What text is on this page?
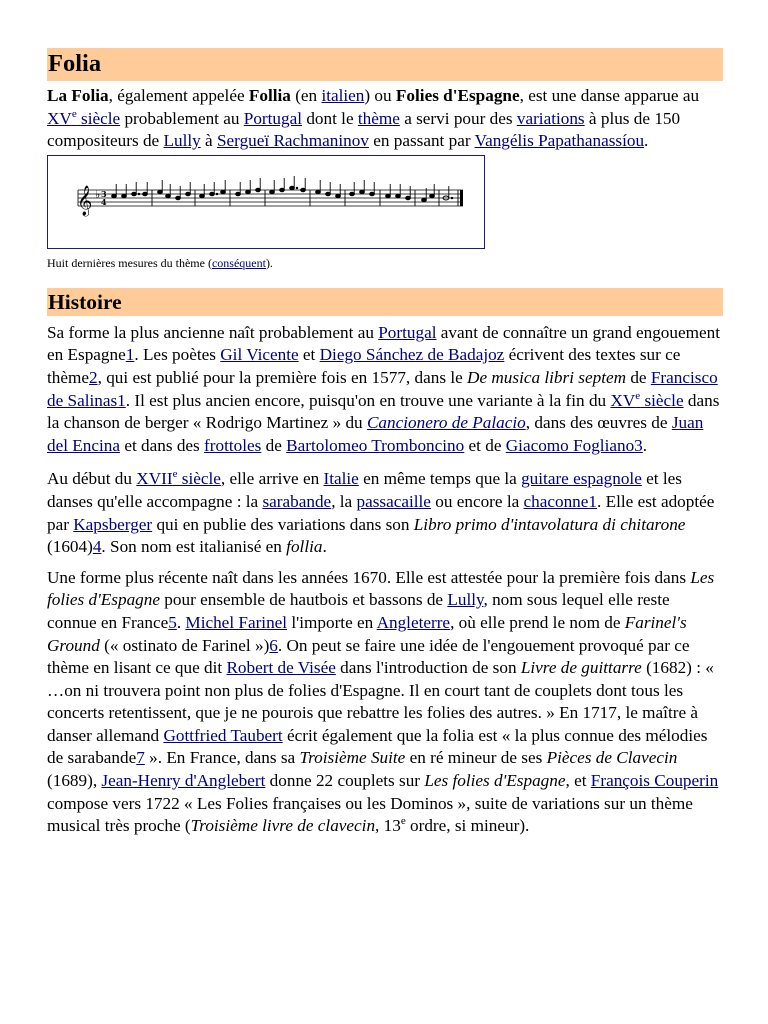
Folia

La Folia, également appelée Follia (en italien) ou Folies d'Espagne, est une danse apparue au XVe siècle probablement au Portugal dont le thème a servi pour des variations à plus de 150 compositeurs de Lully à Sergueï Rachmaninov en passant par Vangélis Papathanassíou.

𝄞 ♭ 3
4

Huit dernières mesures du thème (conséquent).

Histoire

Sa forme la plus ancienne naît probablement au Portugal avant de connaître un grand engouement en Espagne1. Les poètes Gil Vicente et Diego Sánchez de Badajoz écrivent des textes sur ce thème2, qui est publié pour la première fois en 1577, dans le De musica libri septem de Francisco de Salinas1. Il est plus ancien encore, puisqu'on en trouve une variante à la fin du XVe siècle dans la chanson de berger « Rodrigo Martinez » du Cancionero de Palacio, dans des œuvres de Juan del Encina et dans des frottoles de Bartolomeo Tromboncino et de Giacomo Fogliano3.

Au début du XVIIe siècle, elle arrive en Italie en même temps que la guitare espagnole et les danses qu'elle accompagne : la sarabande, la passacaille ou encore la chaconne1. Elle est adoptée par Kapsberger qui en publie des variations dans son Libro primo d'intavolatura di chitarone (1604)4. Son nom est italianisé en follia.

Une forme plus récente naît dans les années 1670. Elle est attestée pour la première fois dans Les folies d'Espagne pour ensemble de hautbois et bassons de Lully, nom sous lequel elle reste connue en France5. Michel Farinel l'importe en Angleterre, où elle prend le nom de Farinel's Ground (« ostinato de Farinel »)6. On peut se faire une idée de l'engouement provoqué par ce thème en lisant ce que dit Robert de Visée dans l'introduction de son Livre de guittarre (1682) : « …on ni trouvera point non plus de folies d'Espagne. Il en court tant de couplets dont tous les concerts retentissent, que je ne pourois que rebattre les folies des autres. » En 1717, le maître à danser allemand Gottfried Taubert écrit également que la folia est « la plus connue des mélodies de sarabande7 ». En France, dans sa Troisième Suite en ré mineur de ses Pièces de Clavecin (1689), Jean-Henry d'Anglebert donne 22 couplets sur Les folies d'Espagne, et François Couperin compose vers 1722 « Les Folies françaises ou les Dominos », suite de variations sur un thème musical très proche (Troisième livre de clavecin, 13e ordre, si mineur).
